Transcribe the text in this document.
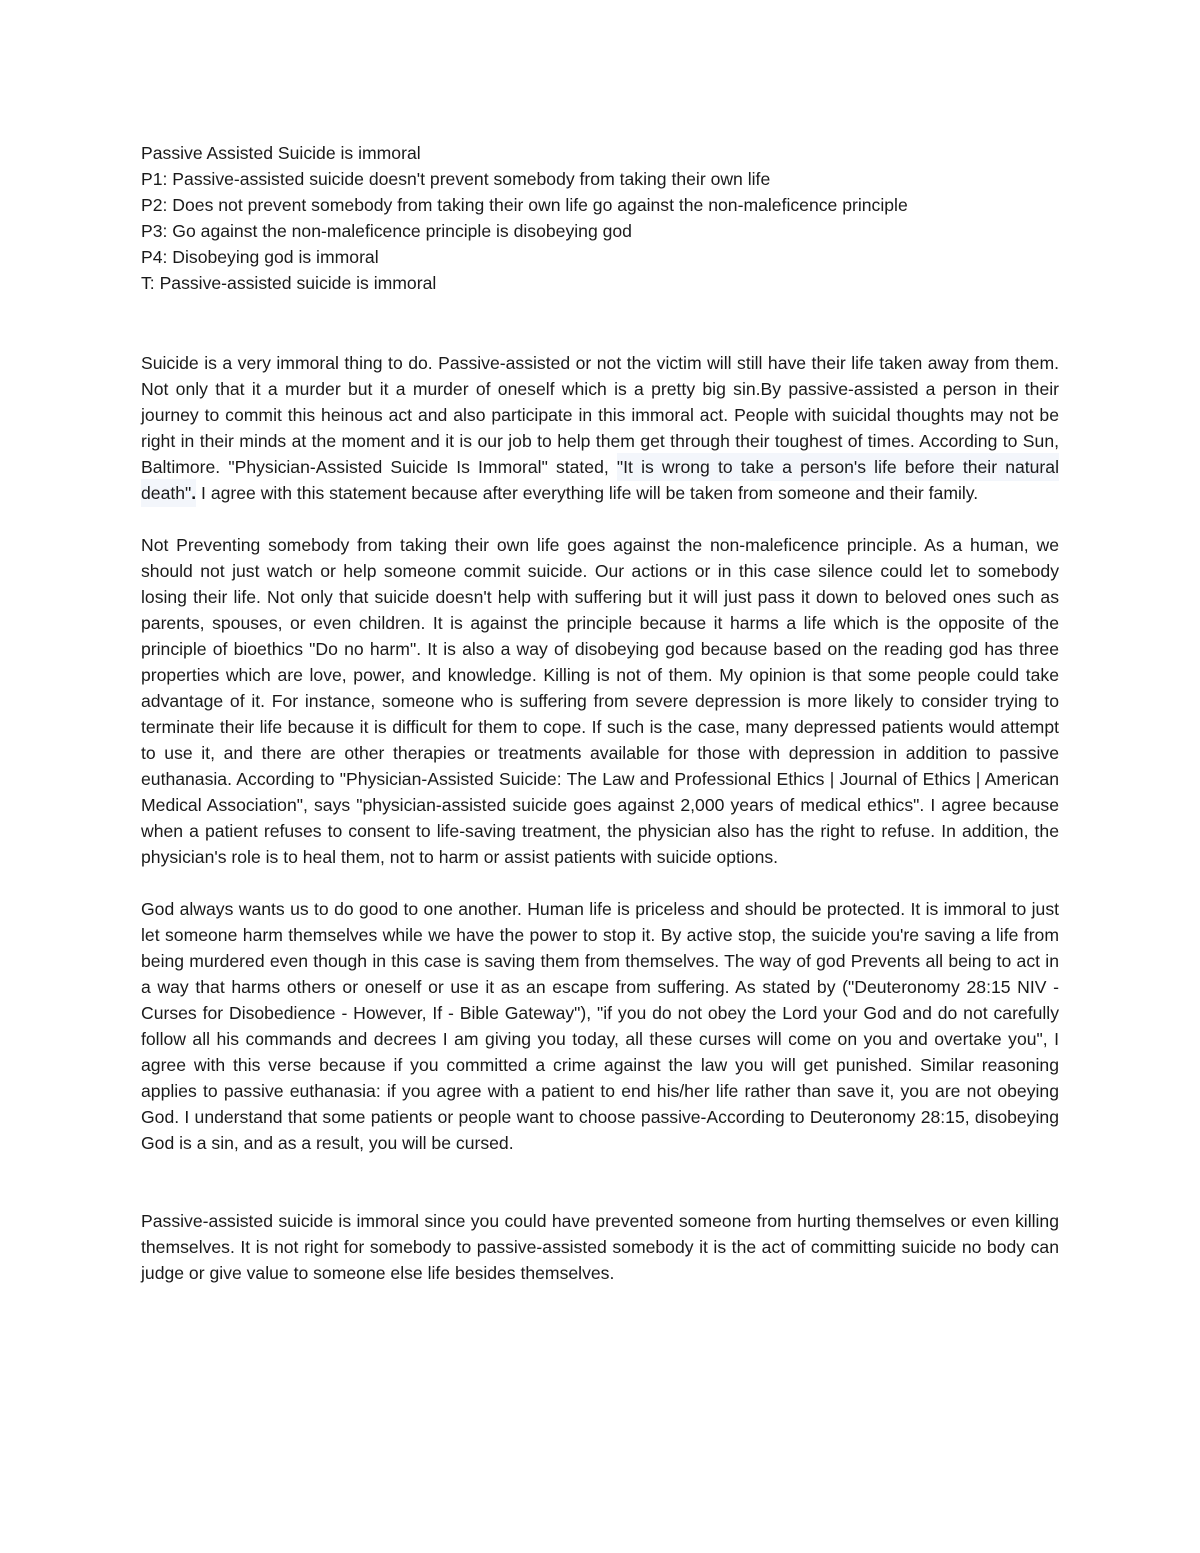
Passive Assisted Suicide is immoral
P1: Passive-assisted suicide doesn't prevent somebody from taking their own life
P2: Does not prevent somebody from taking their own life go against the non-maleficence principle
P3: Go against the non-maleficence principle is disobeying god
P4: Disobeying god is immoral
T: Passive-assisted suicide is immoral

Suicide is a very immoral thing to do. Passive-assisted or not the victim will still have their life taken away from them. Not only that it a murder but it a murder of oneself which is a pretty big sin.By passive-assisted a person in their journey to commit this heinous act and also participate in this immoral act. People with suicidal thoughts may not be right in their minds at the moment and it is our job to help them get through their toughest of times. According to Sun, Baltimore. "Physician-Assisted Suicide Is Immoral" stated, "It is wrong to take a person's life before their natural death". I agree with this statement because after everything life will be taken from someone and their family.

Not Preventing somebody from taking their own life goes against the non-maleficence principle. As a human, we should not just watch or help someone commit suicide. Our actions or in this case silence could let to somebody losing their life. Not only that suicide doesn't help with suffering but it will just pass it down to beloved ones such as parents, spouses, or even children. It is against the principle because it harms a life which is the opposite of the principle of bioethics "Do no harm". It is also a way of disobeying god because based on the reading god has three properties which are love, power, and knowledge. Killing is not of them. My opinion is that some people could take advantage of it. For instance, someone who is suffering from severe depression is more likely to consider trying to terminate their life because it is difficult for them to cope. If such is the case, many depressed patients would attempt to use it, and there are other therapies or treatments available for those with depression in addition to passive euthanasia. According to "Physician-Assisted Suicide: The Law and Professional Ethics | Journal of Ethics | American Medical Association", says "physician-assisted suicide goes against 2,000 years of medical ethics". I agree because when a patient refuses to consent to life-saving treatment, the physician also has the right to refuse. In addition, the physician's role is to heal them, not to harm or assist patients with suicide options.

God always wants us to do good to one another. Human life is priceless and should be protected. It is immoral to just let someone harm themselves while we have the power to stop it. By active stop, the suicide you're saving a life from being murdered even though in this case is saving them from themselves. The way of god Prevents all being to act in a way that harms others or oneself or use it as an escape from suffering. As stated by ("Deuteronomy 28:15 NIV - Curses for Disobedience - However, If - Bible Gateway"), "if you do not obey the Lord your God and do not carefully follow all his commands and decrees I am giving you today, all these curses will come on you and overtake you", I agree with this verse because if you committed a crime against the law you will get punished. Similar reasoning applies to passive euthanasia: if you agree with a patient to end his/her life rather than save it, you are not obeying God. I understand that some patients or people want to choose passive-According to Deuteronomy 28:15, disobeying God is a sin, and as a result, you will be cursed.

Passive-assisted suicide is immoral since you could have prevented someone from hurting themselves or even killing themselves. It is not right for somebody to passive-assisted somebody it is the act of committing suicide no body can judge or give value to someone else life besides themselves.
